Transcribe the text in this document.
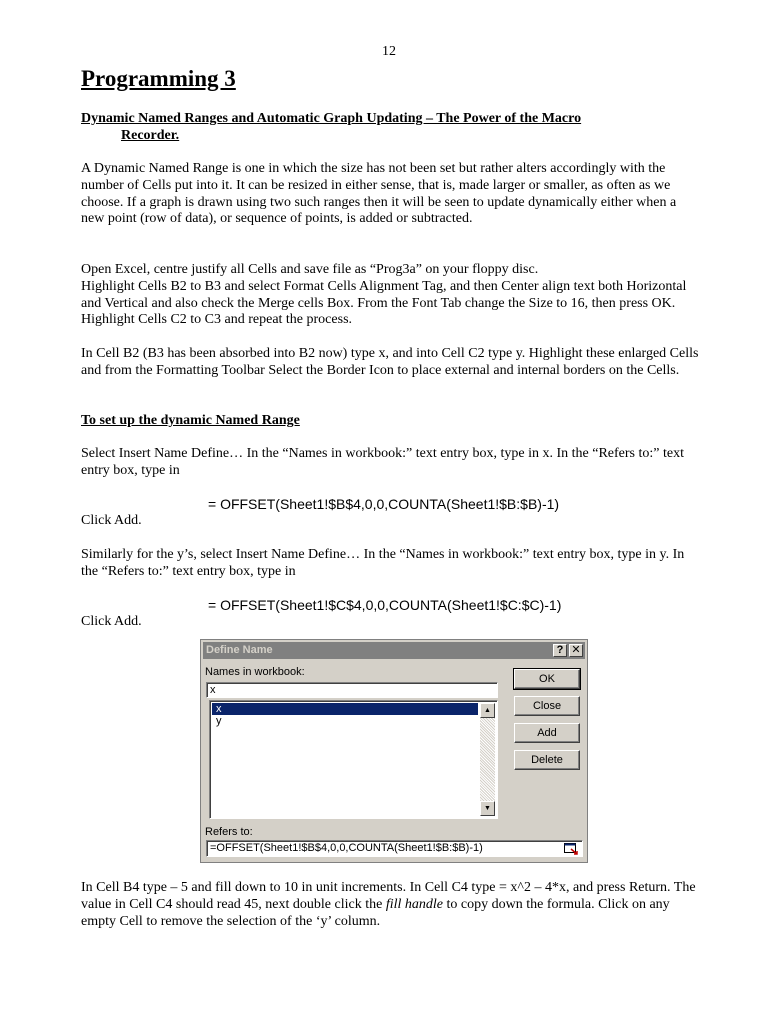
12
Programming 3
Dynamic Named Ranges and Automatic Graph Updating – The Power of the Macro
Recorder.

A Dynamic Named Range is one in which the size has not been set but rather alters accordingly with the number of Cells put into it. It can be resized in either sense, that is, made larger or smaller, as often as we choose. If a graph is drawn using two such ranges then it will be seen to update dynamically either when a new point (row of data), or sequence of points, is added or subtracted.

Open Excel, centre justify all Cells and save file as “Prog3a” on your floppy disc.
Highlight Cells B2 to B3 and select Format Cells Alignment Tag, and then Center align text both Horizontal and Vertical and also check the Merge cells Box. From the Font Tab change the Size to 16, then press OK. Highlight Cells C2 to C3 and repeat the process.

In Cell B2 (B3 has been absorbed into B2 now) type x, and into Cell C2 type y. Highlight these enlarged Cells and from the Formatting Toolbar Select the Border Icon to place external and internal borders on the Cells.

To set up the dynamic Named Range

Select Insert Name Define… In the “Names in workbook:” text entry box, type in x. In the “Refers to:” text entry box, type in

= OFFSET(Sheet1!$B$4,0,0,COUNTA(Sheet1!$B:$B)-1)

Click Add.

Similarly for the y’s, select Insert Name Define… In the “Names in workbook:” text entry box, type in y. In the “Refers to:” text entry box, type in

= OFFSET(Sheet1!$C$4,0,0,COUNTA(Sheet1!$C:$C)-1)

Click Add.

Define Name	? ✕
Names in workbook:
x
x
y
▲
▼
Refers to:
=OFFSET(Sheet1!$B$4,0,0,COUNTA(Sheet1!$B:$B)-1)
OK
Close
Add
Delete

In Cell B4 type – 5 and fill down to 10 in unit increments. In Cell C4 type = x^2 – 4*x, and press Return. The value in Cell C4 should read 45, next double click the fill handle to copy down the formula. Click on any empty Cell to remove the selection of the ‘y’ column.
